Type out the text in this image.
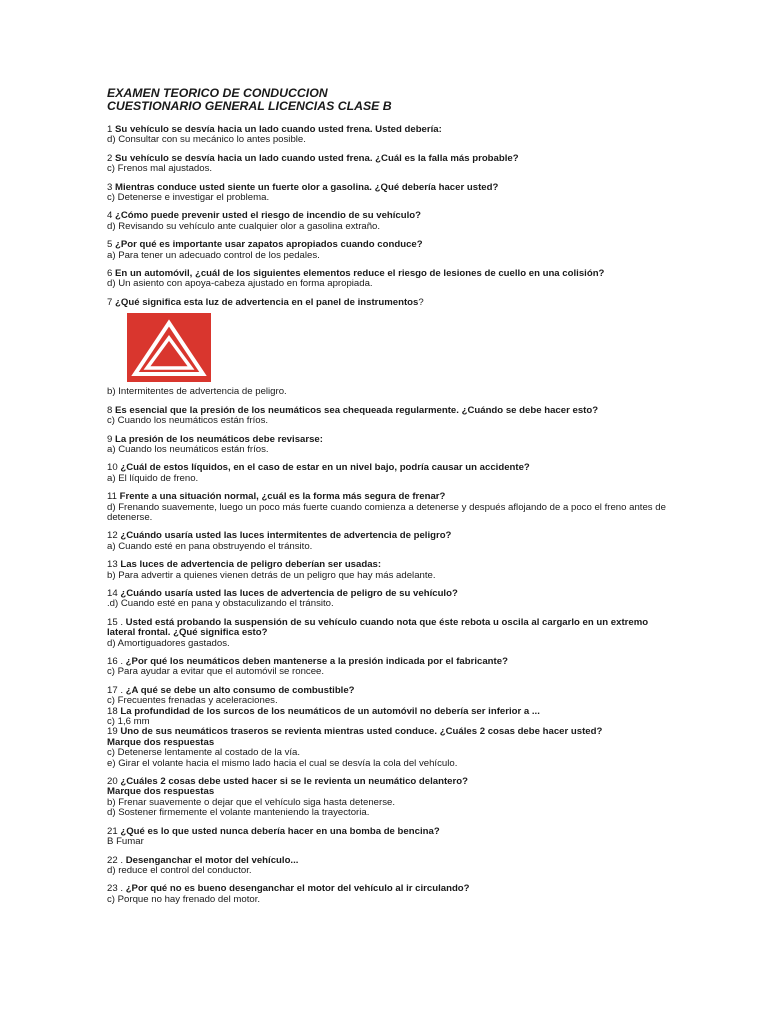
EXAMEN TEORICO DE CONDUCCION

CUESTIONARIO GENERAL LICENCIAS CLASE B

1 Su vehículo se desvía hacia un lado cuando usted frena. Usted debería:
d) Consultar con su mecánico lo antes posible.
2 Su vehículo se desvía hacia un lado cuando usted frena. ¿Cuál es la falla más probable?
c) Frenos mal ajustados.
3 Mientras conduce usted siente un fuerte olor a gasolina. ¿Qué debería hacer usted?
c) Detenerse e investigar el problema.
4 ¿Cómo puede prevenir usted el riesgo de incendio de su vehículo?
d) Revisando su vehículo ante cualquier olor a gasolina extraño.
5 ¿Por qué es importante usar zapatos apropiados cuando conduce?
a) Para tener un adecuado control de los pedales.
6 En un automóvil, ¿cuál de los siguientes elementos reduce el riesgo de lesiones de cuello en una colisión?
d) Un asiento con apoya-cabeza ajustado en forma apropiada.
7 ¿Qué significa esta luz de advertencia en el panel de instrumentos?
b) Intermitentes de advertencia de peligro.
8 Es esencial que la presión de los neumáticos sea chequeada regularmente. ¿Cuándo se debe hacer esto?
c) Cuando los neumáticos están fríos.
9 La presión de los neumáticos debe revisarse:
a) Cuando los neumáticos están fríos.
10 ¿Cuál de estos líquidos, en el caso de estar en un nivel bajo, podría causar un accidente?
a) El líquido de freno.
11 Frente a una situación normal, ¿cuál es la forma más segura de frenar?
d) Frenando suavemente, luego un poco más fuerte cuando comienza a detenerse y después aflojando de a poco el freno antes de detenerse.
12 ¿Cuándo usaría usted las luces intermitentes de advertencia de peligro?
a) Cuando esté en pana obstruyendo el tránsito.
13 Las luces de advertencia de peligro deberían ser usadas:
b) Para advertir a quienes vienen detrás de un peligro que hay más adelante.
14 ¿Cuándo usaría usted las luces de advertencia de peligro de su vehículo?
.d) Cuando esté en pana y obstaculizando el tránsito.
15 . Usted está probando la suspensión de su vehículo cuando nota que éste rebota u oscila al cargarlo en un extremo lateral frontal. ¿Qué significa esto?
d) Amortiguadores gastados.
16 . ¿Por qué los neumáticos deben mantenerse a la presión indicada por el fabricante?
c) Para ayudar a evitar que el automóvil se roncee.
17 . ¿A qué se debe un alto consumo de combustible?
c) Frecuentes frenadas y aceleraciones.
18 La profundidad de los surcos de los neumáticos de un automóvil no debería ser inferior a ...
c) 1,6 mm
19 Uno de sus neumáticos traseros se revienta mientras usted conduce. ¿Cuáles 2 cosas debe hacer usted?
Marque dos respuestas
c) Detenerse lentamente al costado de la vía.
e) Girar el volante hacia el mismo lado hacia el cual se desvía la cola del vehículo.
20 ¿Cuáles 2 cosas debe usted hacer si se le revienta un neumático delantero?
Marque dos respuestas
b) Frenar suavemente o dejar que el vehículo siga hasta detenerse.
d) Sostener firmemente el volante manteniendo la trayectoria.
21 ¿Qué es lo que usted nunca debería hacer en una bomba de bencina?
B Fumar
22 . Desenganchar el motor del vehículo...
d) reduce el control del conductor.
23 . ¿Por qué no es bueno desenganchar el motor del vehículo al ir circulando?
c) Porque no hay frenado del motor.
